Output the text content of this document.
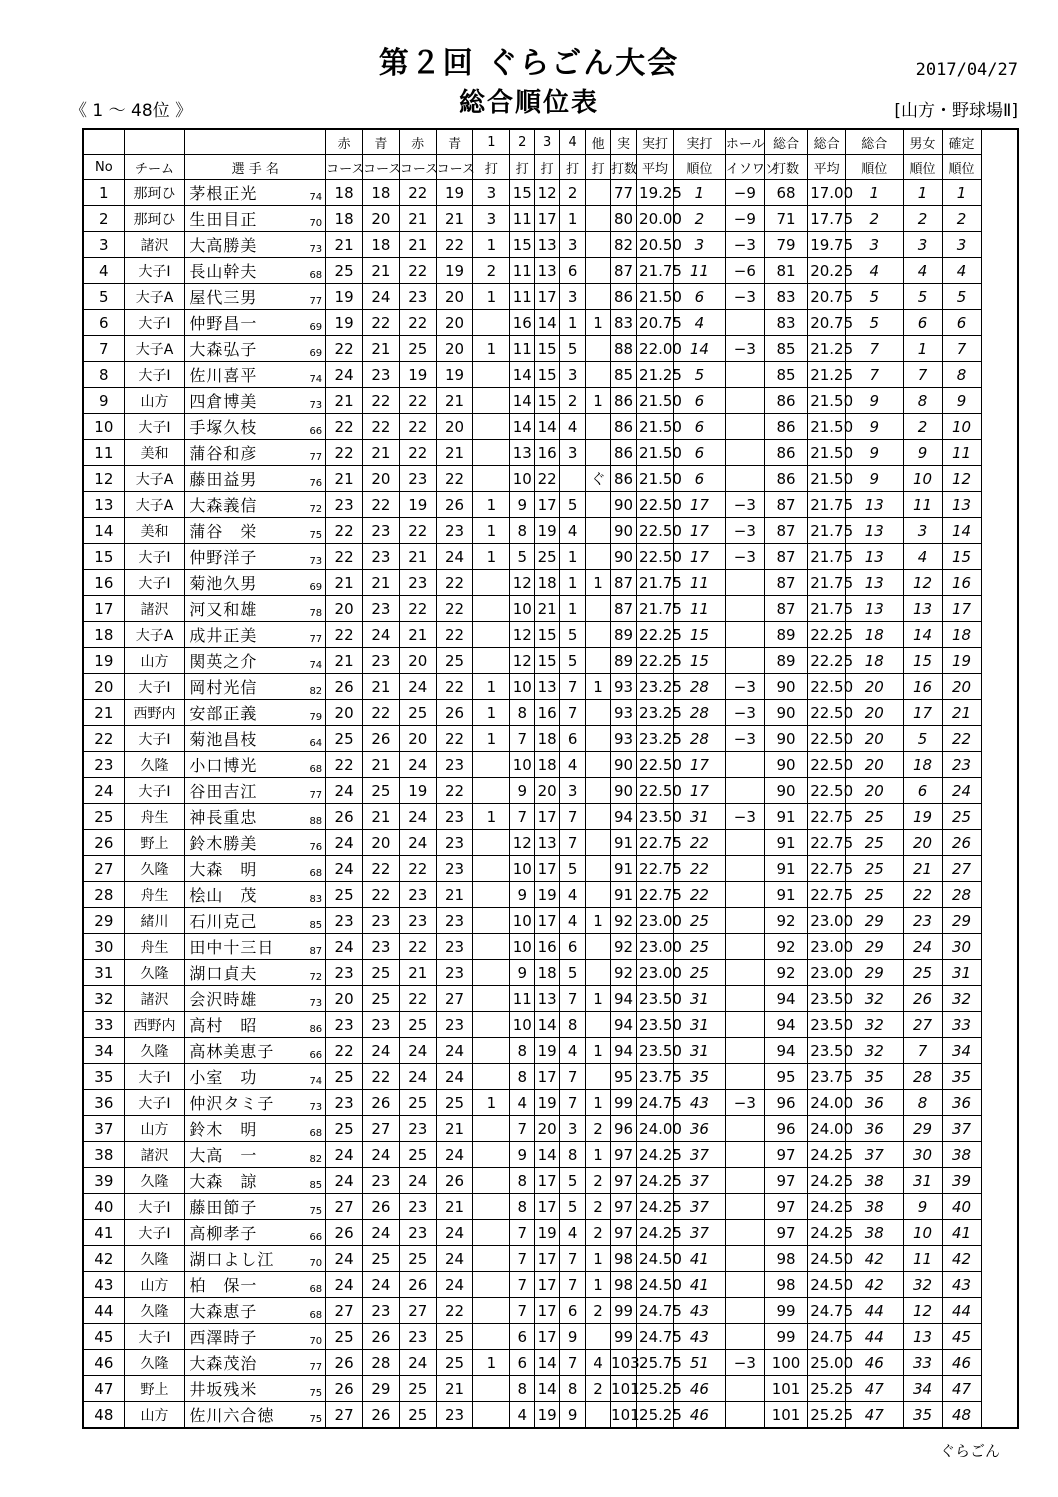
第２回 ぐらごん大会
総合順位表
2017/04/27
《 1 ～ 48位 》	[山方・野球場Ⅱ]
			赤	青	赤	青	1	2	3	4	他	実	実打	実打	ホール	総合	総合	総合	男女	確定
No	チーム	選 手 名	コース	コース	コース	コース	打	打	打	打	打	打数	平均	順位	イソワソ	打数	平均	順位	順位	順位
1	那珂ひ	茅根正光 74	18	18	22	19	3	15	12	2		77	19.25	1	−9	68	17.00	1	1	1
2	那珂ひ	生田目正 70	18	20	21	21	3	11	17	1		80	20.00	2	−9	71	17.75	2	2	2
3	諸沢	大高勝美 73	21	18	21	22	1	15	13	3		82	20.50	3	−3	79	19.75	3	3	3
4	大子Ⅰ	長山幹夫 68	25	21	22	19	2	11	13	6		87	21.75	11	−6	81	20.25	4	4	4
5	大子A	屋代三男 77	19	24	23	20	1	11	17	3		86	21.50	6	−3	83	20.75	5	5	5
6	大子Ⅰ	仲野昌一 69	19	22	22	20		16	14	1	1	83	20.75	4		83	20.75	5	6	6
7	大子A	大森弘子 69	22	21	25	20	1	11	15	5		88	22.00	14	−3	85	21.25	7	1	7
8	大子Ⅰ	佐川喜平 74	24	23	19	19		14	15	3		85	21.25	5		85	21.25	7	7	8
9	山方	四倉博美 73	21	22	22	21		14	15	2	1	86	21.50	6		86	21.50	9	8	9
10	大子Ⅰ	手塚久枝 66	22	22	22	20		14	14	4		86	21.50	6		86	21.50	9	2	10
11	美和	蒲谷和彦 77	22	21	22	21		13	16	3		86	21.50	6		86	21.50	9	9	11
12	大子A	藤田益男 76	21	20	23	22		10	22		ぐ	86	21.50	6		86	21.50	9	10	12
13	大子A	大森義信 72	23	22	19	26	1	9	17	5		90	22.50	17	−3	87	21.75	13	11	13
14	美和	蒲谷　栄 75	22	23	22	23	1	8	19	4		90	22.50	17	−3	87	21.75	13	3	14
15	大子Ⅰ	仲野洋子 73	22	23	21	24	1	5	25	1		90	22.50	17	−3	87	21.75	13	4	15
16	大子Ⅰ	菊池久男 69	21	21	23	22		12	18	1	1	87	21.75	11		87	21.75	13	12	16
17	諸沢	河又和雄 78	20	23	22	22		10	21	1		87	21.75	11		87	21.75	13	13	17
18	大子A	成井正美 77	22	24	21	22		12	15	5		89	22.25	15		89	22.25	18	14	18
19	山方	関英之介 74	21	23	20	25		12	15	5		89	22.25	15		89	22.25	18	15	19
20	大子Ⅰ	岡村光信 82	26	21	24	22	1	10	13	7	1	93	23.25	28	−3	90	22.50	20	16	20
21	西野内	安部正義 79	20	22	25	26	1	8	16	7		93	23.25	28	−3	90	22.50	20	17	21
22	大子Ⅰ	菊池昌枝 64	25	26	20	22	1	7	18	6		93	23.25	28	−3	90	22.50	20	5	22
23	久隆	小口博光 68	22	21	24	23		10	18	4		90	22.50	17		90	22.50	20	18	23
24	大子Ⅰ	谷田吉江 77	24	25	19	22		9	20	3		90	22.50	17		90	22.50	20	6	24
25	舟生	神長重忠 88	26	21	24	23	1	7	17	7		94	23.50	31	−3	91	22.75	25	19	25
26	野上	鈴木勝美 76	24	20	24	23		12	13	7		91	22.75	22		91	22.75	25	20	26
27	久隆	大森　明 68	24	22	22	23		10	17	5		91	22.75	22		91	22.75	25	21	27
28	舟生	桧山　茂 83	25	22	23	21		9	19	4		91	22.75	22		91	22.75	25	22	28
29	緒川	石川克己 85	23	23	23	23		10	17	4	1	92	23.00	25		92	23.00	29	23	29
30	舟生	田中十三日 87	24	23	22	23		10	16	6		92	23.00	25		92	23.00	29	24	30
31	久隆	湖口貞夫 72	23	25	21	23		9	18	5		92	23.00	25		92	23.00	29	25	31
32	諸沢	会沢時雄 73	20	25	22	27		11	13	7	1	94	23.50	31		94	23.50	32	26	32
33	西野内	高村　昭 86	23	23	25	23		10	14	8		94	23.50	31		94	23.50	32	27	33
34	久隆	高林美恵子 66	22	24	24	24		8	19	4	1	94	23.50	31		94	23.50	32	7	34
35	大子Ⅰ	小室　功 74	25	22	24	24		8	17	7		95	23.75	35		95	23.75	35	28	35
36	大子Ⅰ	仲沢タミ子 73	23	26	25	25	1	4	19	7	1	99	24.75	43	−3	96	24.00	36	8	36
37	山方	鈴木　明 68	25	27	23	21		7	20	3	2	96	24.00	36		96	24.00	36	29	37
38	諸沢	大高　一 82	24	24	25	24		9	14	8	1	97	24.25	37		97	24.25	37	30	38
39	久隆	大森　諒 85	24	23	24	26		8	17	5	2	97	24.25	37		97	24.25	38	31	39
40	大子Ⅰ	藤田節子 75	27	26	23	21		8	17	5	2	97	24.25	37		97	24.25	38	9	40
41	大子Ⅰ	高柳孝子 66	26	24	23	24		7	19	4	2	97	24.25	37		97	24.25	38	10	41
42	久隆	湖口よし江 70	24	25	25	24		7	17	7	1	98	24.50	41		98	24.50	42	11	42
43	山方	柏　保一 68	24	24	26	24		7	17	7	1	98	24.50	41		98	24.50	42	32	43
44	久隆	大森恵子 68	27	23	27	22		7	17	6	2	99	24.75	43		99	24.75	44	12	44
45	大子Ⅰ	西澤時子 70	25	26	23	25		6	17	9		99	24.75	43		99	24.75	44	13	45
46	久隆	大森茂治 77	26	28	24	25	1	6	14	7	4	103	25.75	51	−3	100	25.00	46	33	46
47	野上	井坂残米 75	26	29	25	21		8	14	8	2	101	25.25	46		101	25.25	47	34	47
48	山方	佐川六合徳 75	27	26	25	23		4	19	9		101	25.25	46		101	25.25	47	35	48
ぐらごん
